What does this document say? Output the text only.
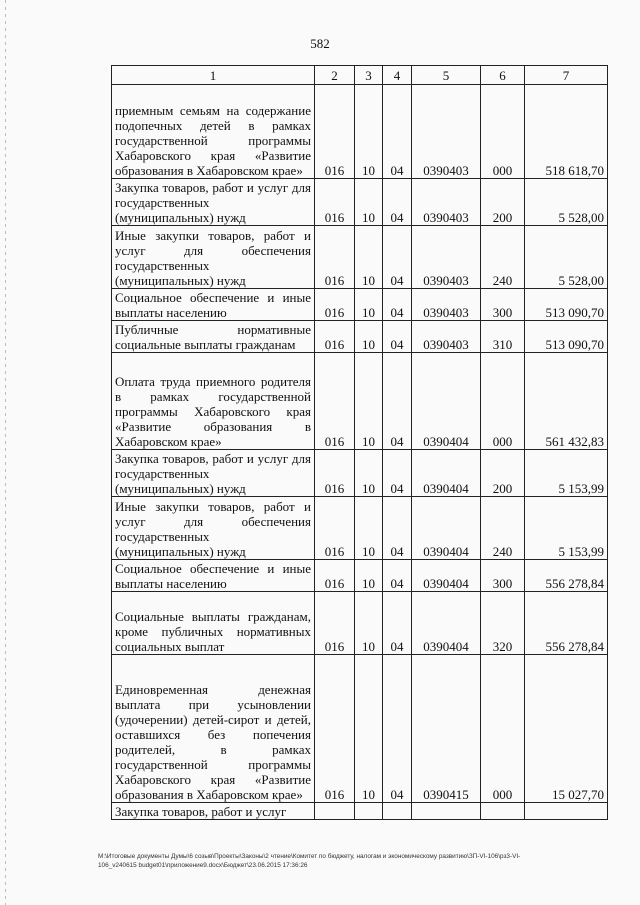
582
1	2	3	4	5	6	7
приемным семьям на содержание подопечных детей в рамках государственной программы Хабаровского края «Развитие образования в Хабаровском крае»	016	10	04	0390403	000	518 618,70
Закупка товаров, работ и услуг для государственных (муниципальных) нужд	016	10	04	0390403	200	5 528,00
Иные закупки товаров, работ и услуг для обеспечения государственных (муниципальных) нужд	016	10	04	0390403	240	5 528,00
Социальное обеспечение и иные выплаты населению	016	10	04	0390403	300	513 090,70
Публичные нормативные социальные выплаты гражданам	016	10	04	0390403	310	513 090,70
Оплата труда приемного родителя в рамках государственной программы Хабаровского края «Развитие образования в Хабаровском крае»	016	10	04	0390404	000	561 432,83
Закупка товаров, работ и услуг для государственных (муниципальных) нужд	016	10	04	0390404	200	5 153,99
Иные закупки товаров, работ и услуг для обеспечения государственных (муниципальных) нужд	016	10	04	0390404	240	5 153,99
Социальное обеспечение и иные выплаты населению	016	10	04	0390404	300	556 278,84
Социальные выплаты гражданам, кроме публичных нормативных социальных выплат	016	10	04	0390404	320	556 278,84
Единовременная денежная выплата при усыновлении (удочерении) детей-сирот и детей, оставшихся без попечения родителей, в рамках государственной программы Хабаровского края «Развитие образования в Хабаровском крае»	016	10	04	0390415	000	15 027,70
Закупка товаров, работ и услуг						
M:\Итоговые документы Думы\6 созыв\Проекты\Законы\2 чтение\Комитет по бюджету, налогам и экономическому развитию\ЗП-VI-106\рз3-VI-
106_v240615 budget01\приложение9.docx\Бюджет\23.06.2015 17:36:26
